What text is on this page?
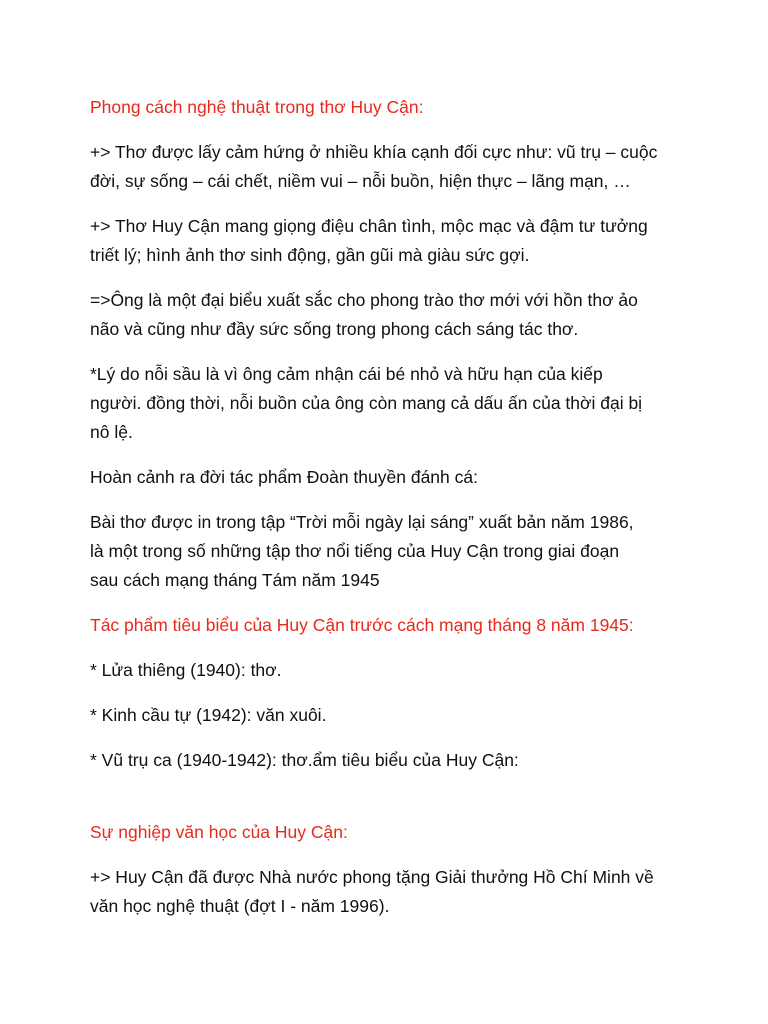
Phong cách nghệ thuật trong thơ Huy Cận:

+> Thơ được lấy cảm hứng ở nhiều khía cạnh đối cực như: vũ trụ – cuộc
đời, sự sống – cái chết, niềm vui – nỗi buồn, hiện thực – lãng mạn, …

+> Thơ Huy Cận mang giọng điệu chân tình, mộc mạc và đậm tư tưởng
triết lý; hình ảnh thơ sinh động, gần gũi mà giàu sức gợi.

=>Ông là một đại biểu xuất sắc cho phong trào thơ mới với hồn thơ ảo
não và cũng như đầy sức sống trong phong cách sáng tác thơ.

*Lý do nỗi sầu là vì ông cảm nhận cái bé nhỏ và hữu hạn của kiếp
người. đồng thời, nỗi buồn của ông còn mang cả dấu ấn của thời đại bị
nô lệ.

Hoàn cảnh ra đời tác phẩm Đoàn thuyền đánh cá:

Bài thơ được in trong tập “Trời mỗi ngày lại sáng” xuất bản năm 1986,
là một trong số những tập thơ nổi tiếng của Huy Cận trong giai đoạn
sau cách mạng tháng Tám năm 1945

Tác phẩm tiêu biểu của Huy Cận trước cách mạng tháng 8 năm 1945:

* Lửa thiêng (1940): thơ.

* Kinh cầu tự (1942): văn xuôi.

* Vũ trụ ca (1940-1942): thơ.ẩm tiêu biểu của Huy Cận:

Sự nghiệp văn học của Huy Cận:

+> Huy Cận đã được Nhà nước phong tặng Giải thưởng Hồ Chí Minh về
văn học nghệ thuật (đợt I - năm 1996).
